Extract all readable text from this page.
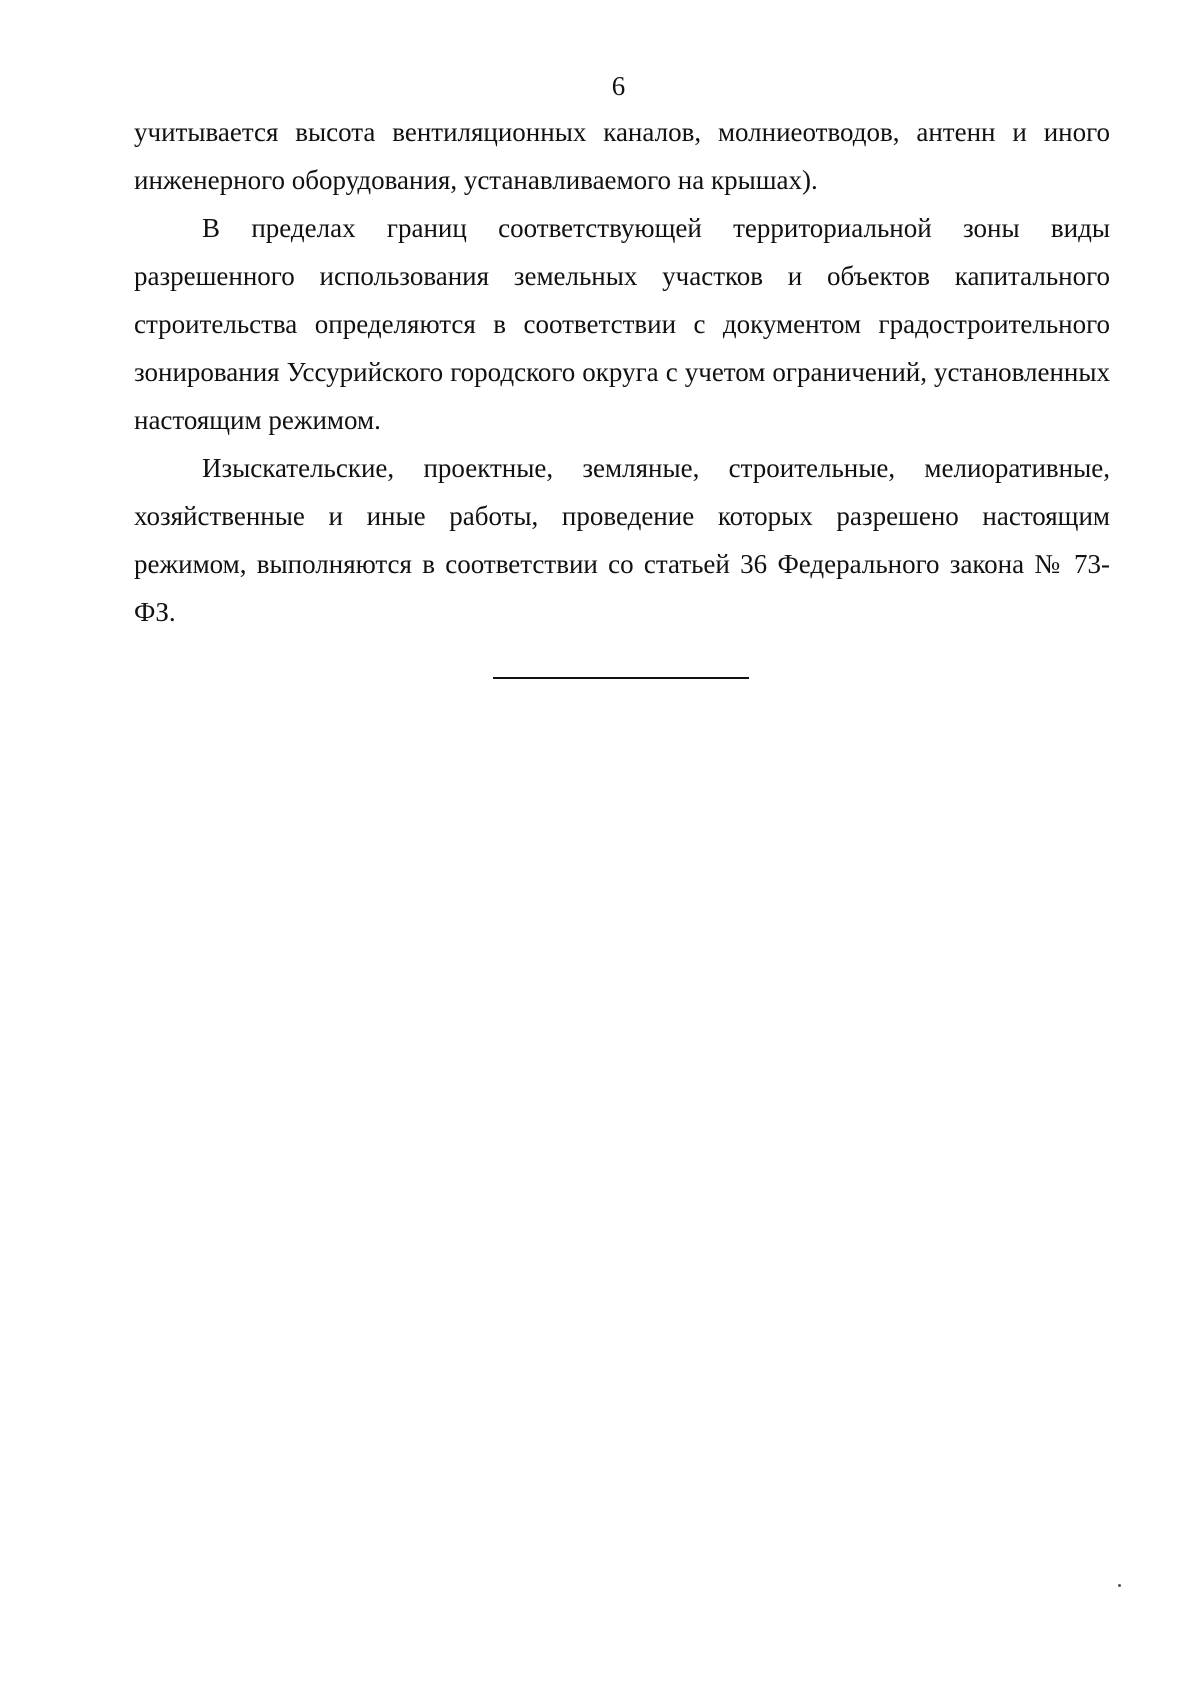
6

учитывается высота вентиляционных каналов, молниеотводов, антенн и иного инженерного оборудования, устанавливаемого на крышах).

В пределах границ соответствующей территориальной зоны виды разрешенного использования земельных участков и объектов капитального строительства определяются в соответствии с документом градостроительного зонирования Уссурийского городского округа с учетом ограничений, установленных настоящим режимом.

Изыскательские, проектные, земляные, строительные, мелиоративные, хозяйственные и иные работы, проведение которых разрешено настоящим режимом, выполняются в соответствии со статьей 36 Федерального закона № 73-ФЗ.
